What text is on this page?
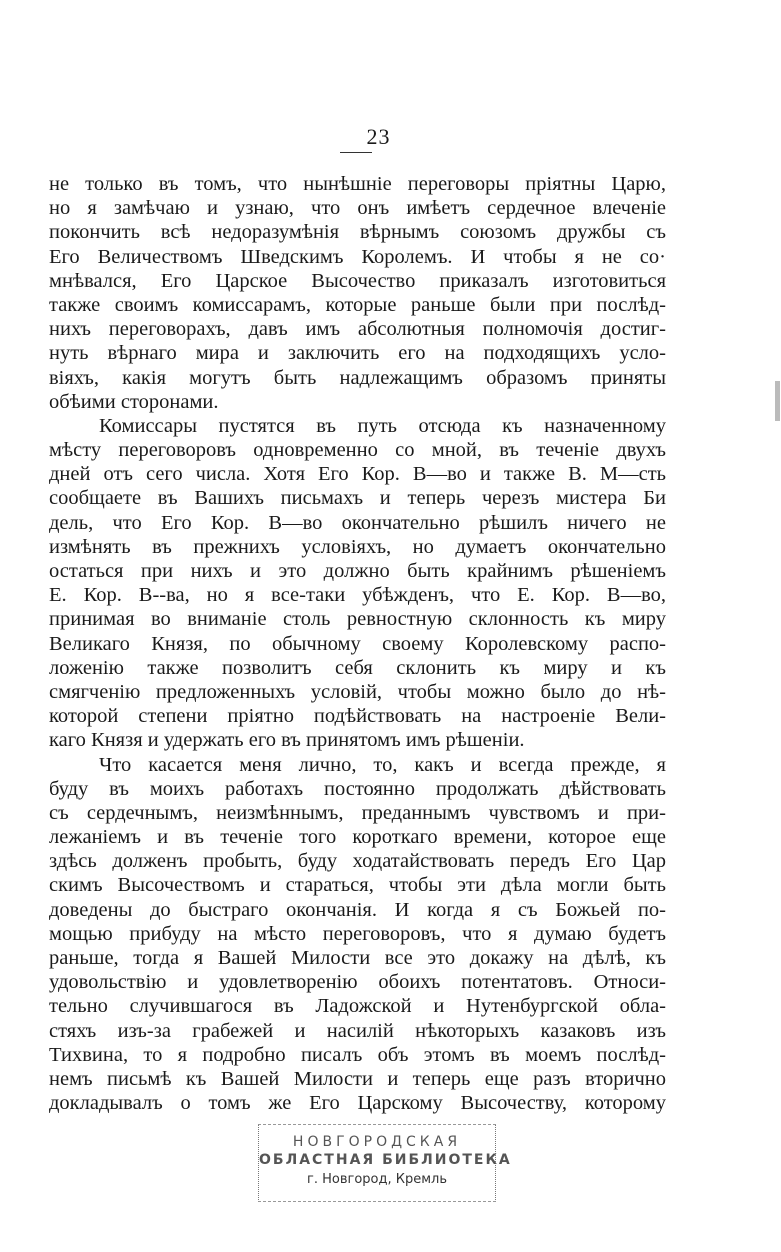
23
не только въ томъ, что нынѣшніе переговоры пріятны Царю,
но я замѣчаю и узнаю, что онъ имѣетъ сердечное влеченіе
покончить всѣ недоразумѣнія вѣрнымъ союзомъ дружбы съ
Его Величествомъ Шведскимъ Королемъ. И чтобы я не со·
мнѣвался, Его Царское Высочество приказалъ изготовиться
также своимъ комиссарамъ, которые раньше были при послѣд-
нихъ переговорахъ, давъ имъ абсолютныя полномочія достиг-
нуть вѣрнаго мира и заключить его на подходящихъ усло-
віяхъ, какія могутъ быть надлежащимъ образомъ приняты
обѣими сторонами.
Комиссары пустятся въ путь отсюда къ назначенному
мѣсту переговоровъ одновременно со мной, въ теченіе двухъ
дней отъ сего числа. Хотя Его Кор. В—во и также В. М—сть
сообщаете въ Вашихъ письмахъ и теперь черезъ мистера Би
дель, что Его Кор. В—во окончательно рѣшилъ ничего не
измѣнять въ прежнихъ условіяхъ, но думаетъ окончательно
остаться при нихъ и это должно быть крайнимъ рѣшеніемъ
Е. Кор. В--ва, но я все-таки убѣжденъ, что Е. Кор. В—во,
принимая во вниманіе столь ревностную склонность къ миру
Великаго Князя, по обычному своему Королевскому распо-
ложенію также позволитъ себя склонить къ миру и къ
смягченію предложенныхъ условій, чтобы можно было до нѣ-
которой степени пріятно подѣйствовать на настроеніе Вели-
каго Князя и удержать его въ принятомъ имъ рѣшеніи.
Что касается меня лично, то, какъ и всегда прежде, я
буду въ моихъ работахъ постоянно продолжать дѣйствовать
съ сердечнымъ, неизмѣннымъ, преданнымъ чувствомъ и при-
лежаніемъ и въ теченіе того короткаго времени, которое еще
здѣсь долженъ пробыть, буду ходатайствовать передъ Его Цар
скимъ Высочествомъ и стараться, чтобы эти дѣла могли быть
доведены до быстраго окончанія. И когда я съ Божьей по-
мощью прибуду на мѣсто переговоровъ, что я думаю будетъ
раньше, тогда я Вашей Милости все это докажу на дѣлѣ, къ
удовольствію и удовлетворенію обоихъ потентатовъ. Относи-
тельно случившагося въ Ладожской и Нутенбургской обла-
стяхъ изъ-за грабежей и насилій нѣкоторыхъ казаковъ изъ
Тихвина, то я подробно писалъ объ этомъ въ моемъ послѣд-
немъ письмѣ къ Вашей Милости и теперь еще разъ вторично
докладывалъ о томъ же Его Царскому Высочеству, которому
НОВГОРОДСКАЯ
ОБЛАСТНАЯ БИБЛИОТЕКА
г. Новгород, Кремль
